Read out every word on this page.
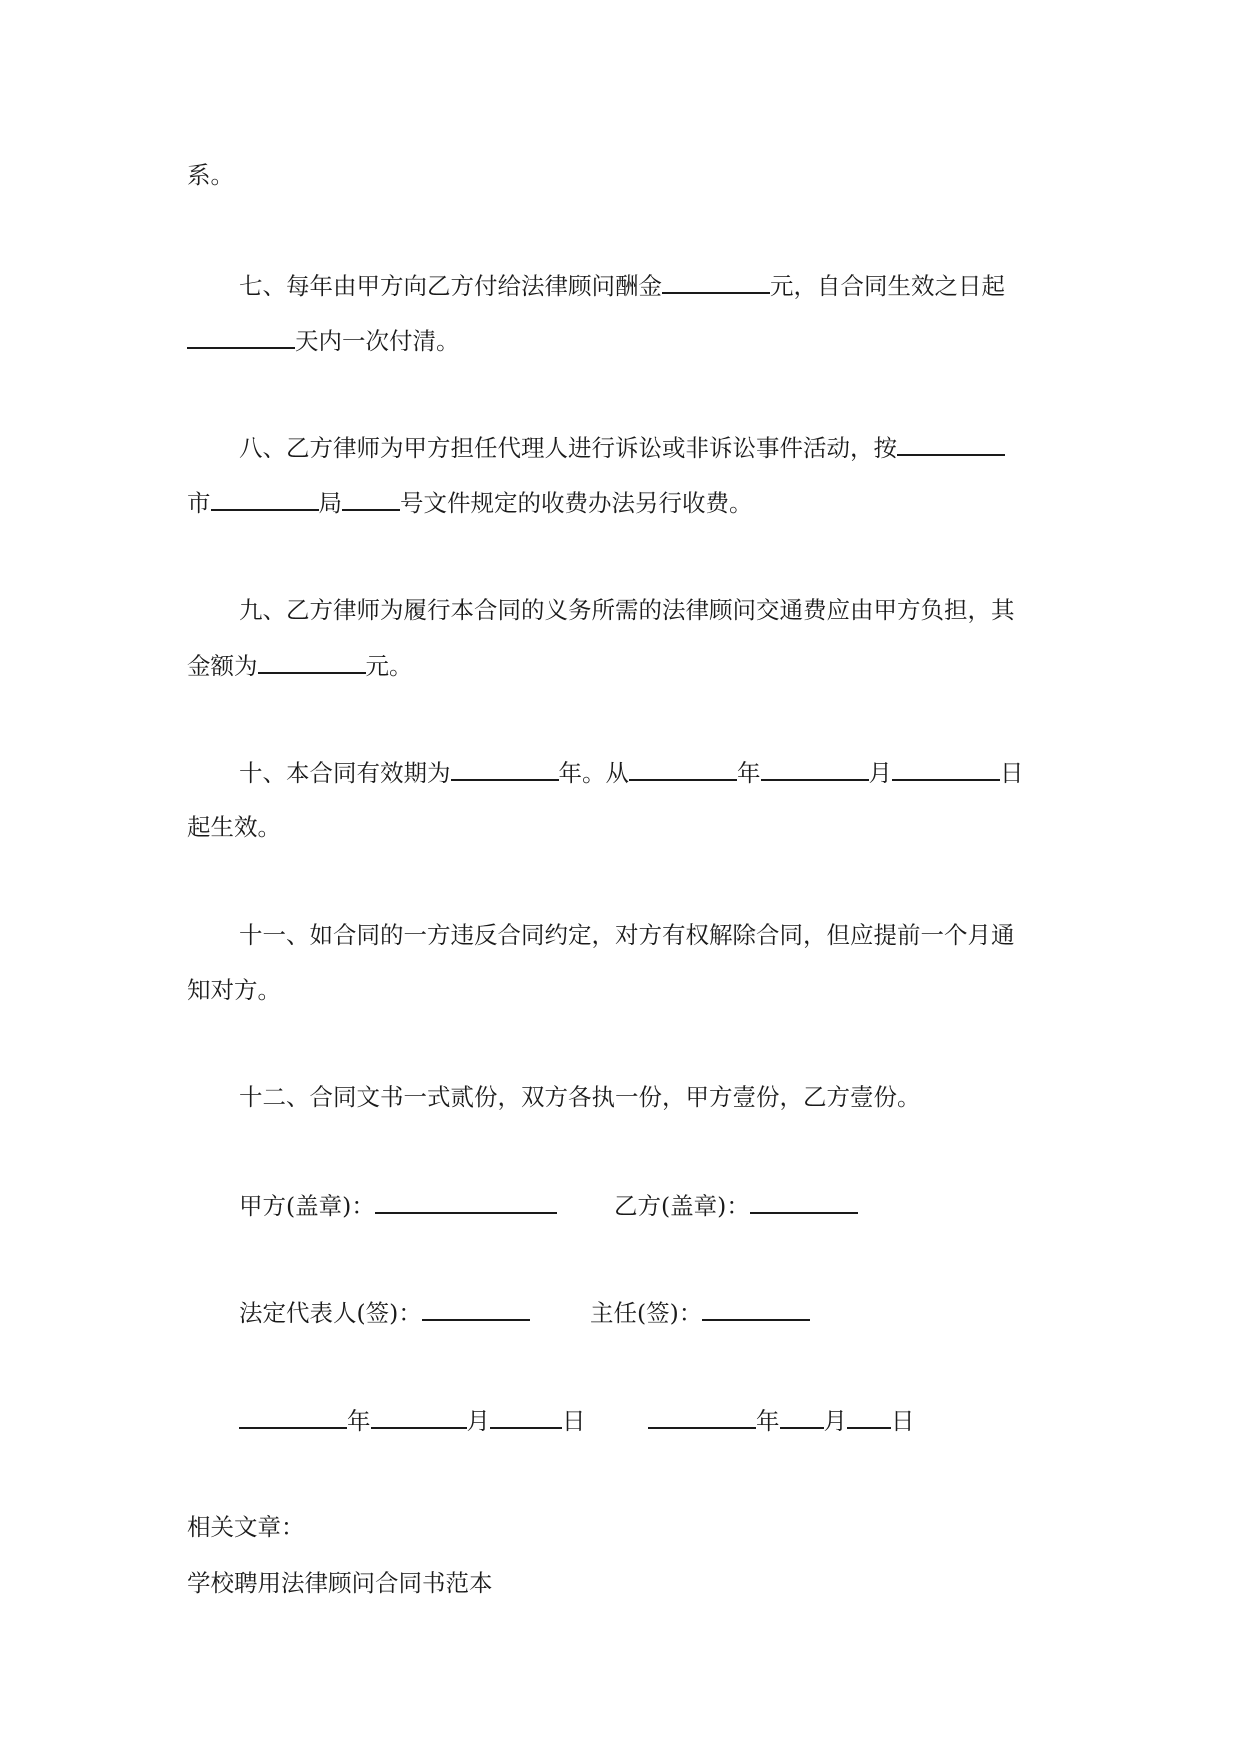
系。
七、每年由甲方向乙方付给法律顾问酬金	元，自合同生效之日起
天内一次付清。
八、乙方律师为甲方担任代理人进行诉讼或非诉讼事件活动，按
市	局 号文件规定的收费办法另行收费。
九、乙方律师为履行本合同的义务所需的法律顾问交通费应由甲方负担，其
金额为	元。
十、本合同有效期为	年。从	年	月	日
起生效。
十一、如合同的一方违反合同约定，对方有权解除合同，但应提前一个月通
知对方。
十二、合同文书一式贰份，双方各执一份，甲方壹份，乙方壹份。
甲方(盖章)：	乙方(盖章)：
法定代表人(签)：	主任(签)：
年	月	日	年 月 日
相关文章：
学校聘用法律顾问合同书范本
